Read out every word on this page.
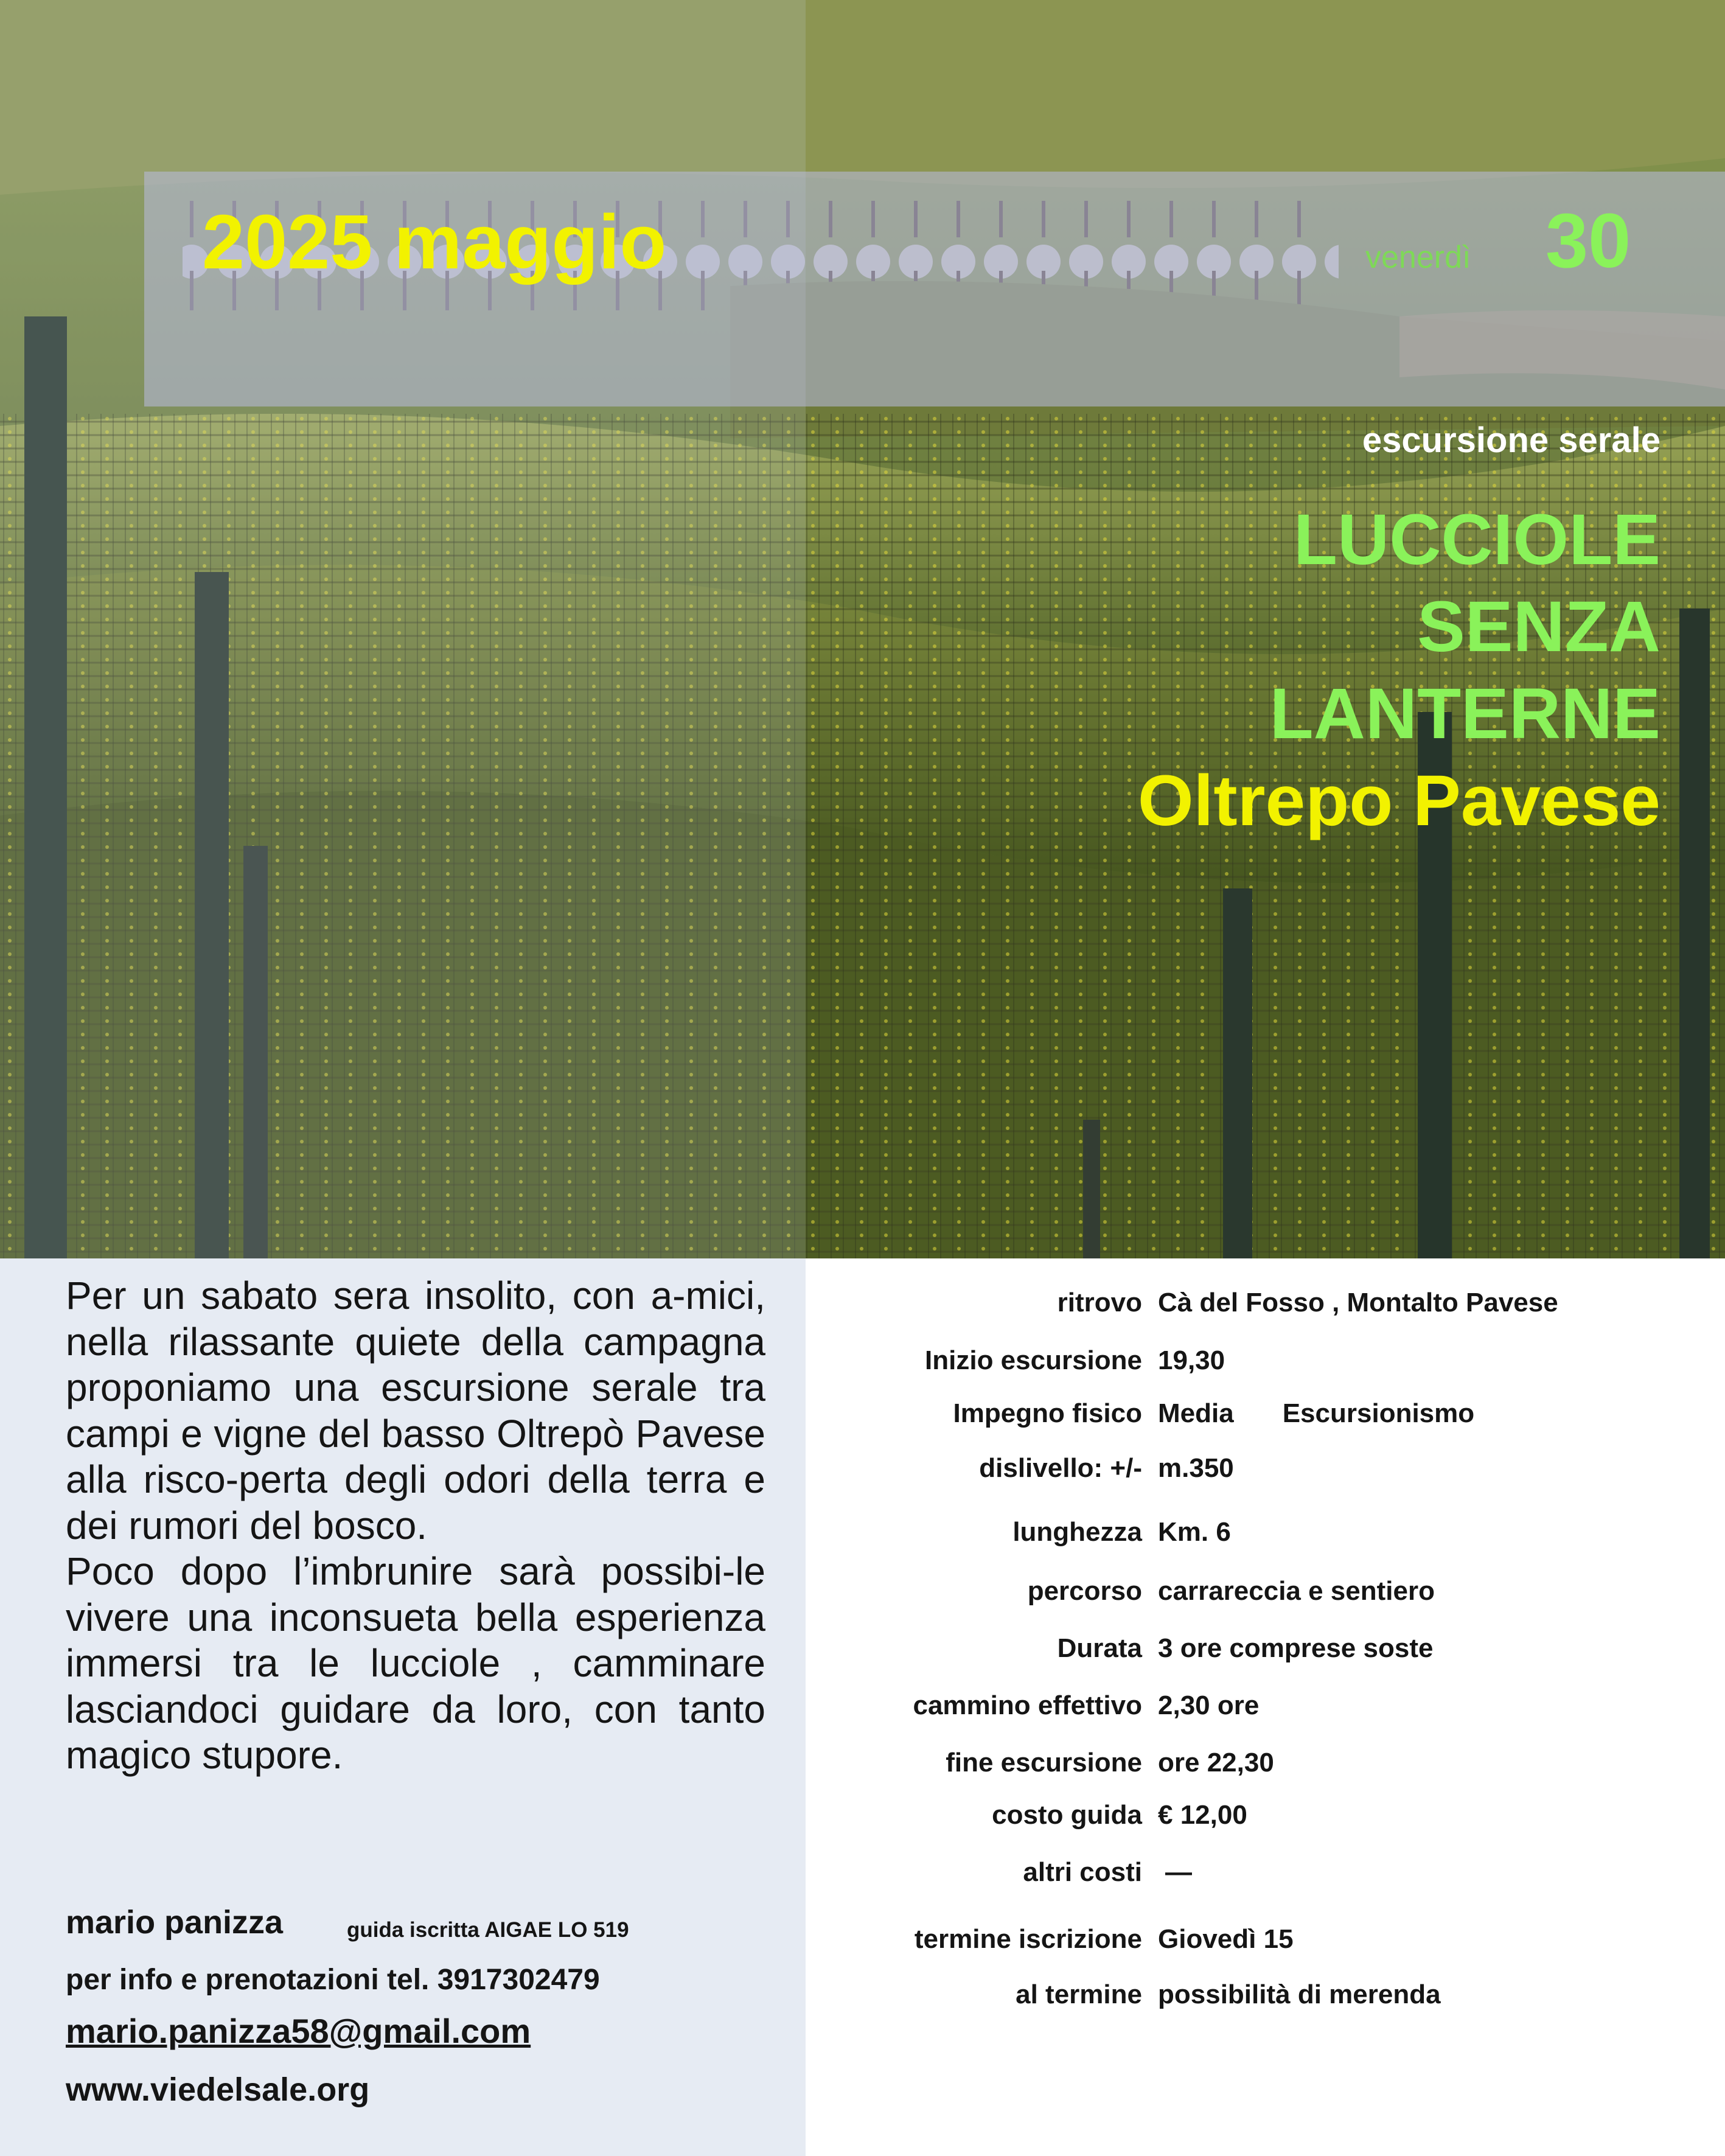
2025 maggio	venerdì 30
escursione serale
LUCCIOLE
SENZA
LANTERNE
Oltrepo Pavese

Per un sabato sera insolito, con a-mici, nella rilassante quiete della campagna proponiamo una escursione serale tra campi e vigne del basso Oltrepò Pavese alla risco-perta degli odori della terra e dei rumori del bosco.

Poco dopo l’imbrunire sarà possibi-le vivere una inconsueta bella esperienza immersi tra le lucciole , camminare lasciandoci guidare da loro, con tanto magico stupore.

mario panizza	guida iscritta AIGAE LO 519
per info e prenotazioni tel. 3917302479
mario.panizza58@gmail.com
www.viedelsale.org
ritrovo Cà del Fosso , Montalto Pavese
Inizio escursione 19,30
Impegno fisico Media Escursionismo
dislivello: +/- m.350
lunghezza Km. 6
percorso carrareccia e sentiero
Durata 3 ore comprese soste
cammino effettivo 2,30 ore
fine escursione ore 22,30
costo guida € 12,00
altri costi —
termine iscrizione Giovedì 15
al termine possibilità di merenda
